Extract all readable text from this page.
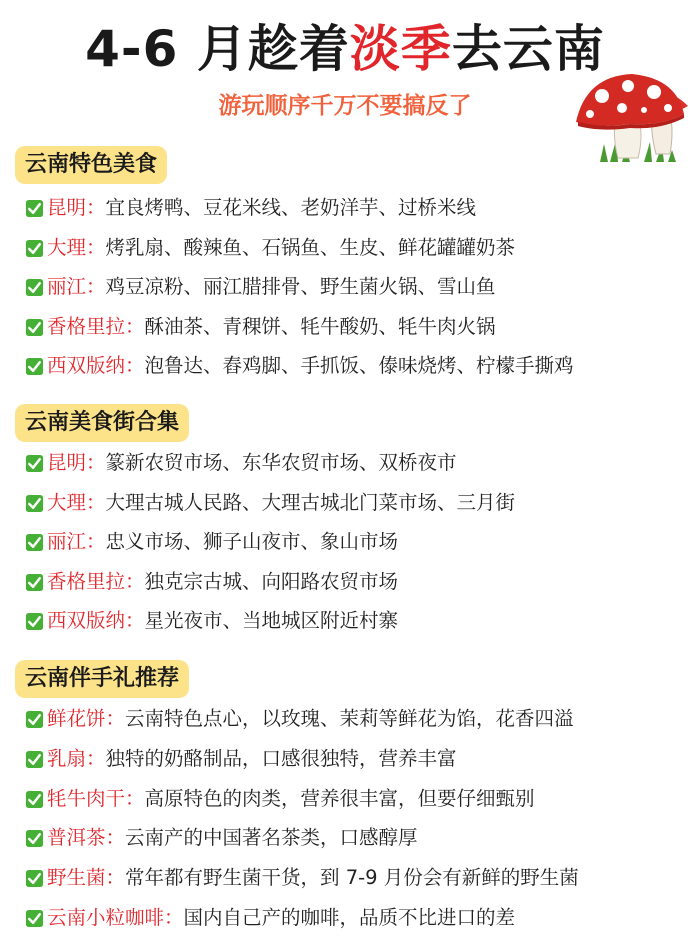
4-6 月趁着淡季去云南
游玩顺序千万不要搞反了
云南特色美食
昆明 ： 宜良烤鸭、豆花米线、老奶洋芋、过桥米线
大理 ： 烤乳扇、酸辣鱼、石锅鱼、生皮、鲜花罐罐奶茶
丽江 ： 鸡豆凉粉、丽江腊排骨、野生菌火锅、雪山鱼
香格里拉 ： 酥油茶、青稞饼、牦牛酸奶、牦牛肉火锅
西双版纳 ： 泡鲁达、舂鸡脚、手抓饭、傣味烧烤、柠檬手撕鸡
云南美食街合集
昆明 ： 篆新农贸市场、东华农贸市场、双桥夜市
大理 ： 大理古城人民路、大理古城北门菜市场、三月街
丽江 ： 忠义市场、狮子山夜市、象山市场
香格里拉 ： 独克宗古城、向阳路农贸市场
西双版纳 ： 星光夜市、当地城区附近村寨
云南伴手礼推荐
鲜花饼 ： 云南特色点心，以玫瑰、茉莉等鲜花为馅，花香四溢
乳扇 ： 独特的奶酪制品，口感很独特，营养丰富
牦牛肉干 ： 高原特色的肉类，营养很丰富，但要仔细甄别
普洱茶 ： 云南产的中国著名茶类，口感醇厚
野生菌 ： 常年都有野生菌干货，到 7-9 月份会有新鲜的野生菌
云南小粒咖啡 ： 国内自己产的咖啡，品质不比进口的差
